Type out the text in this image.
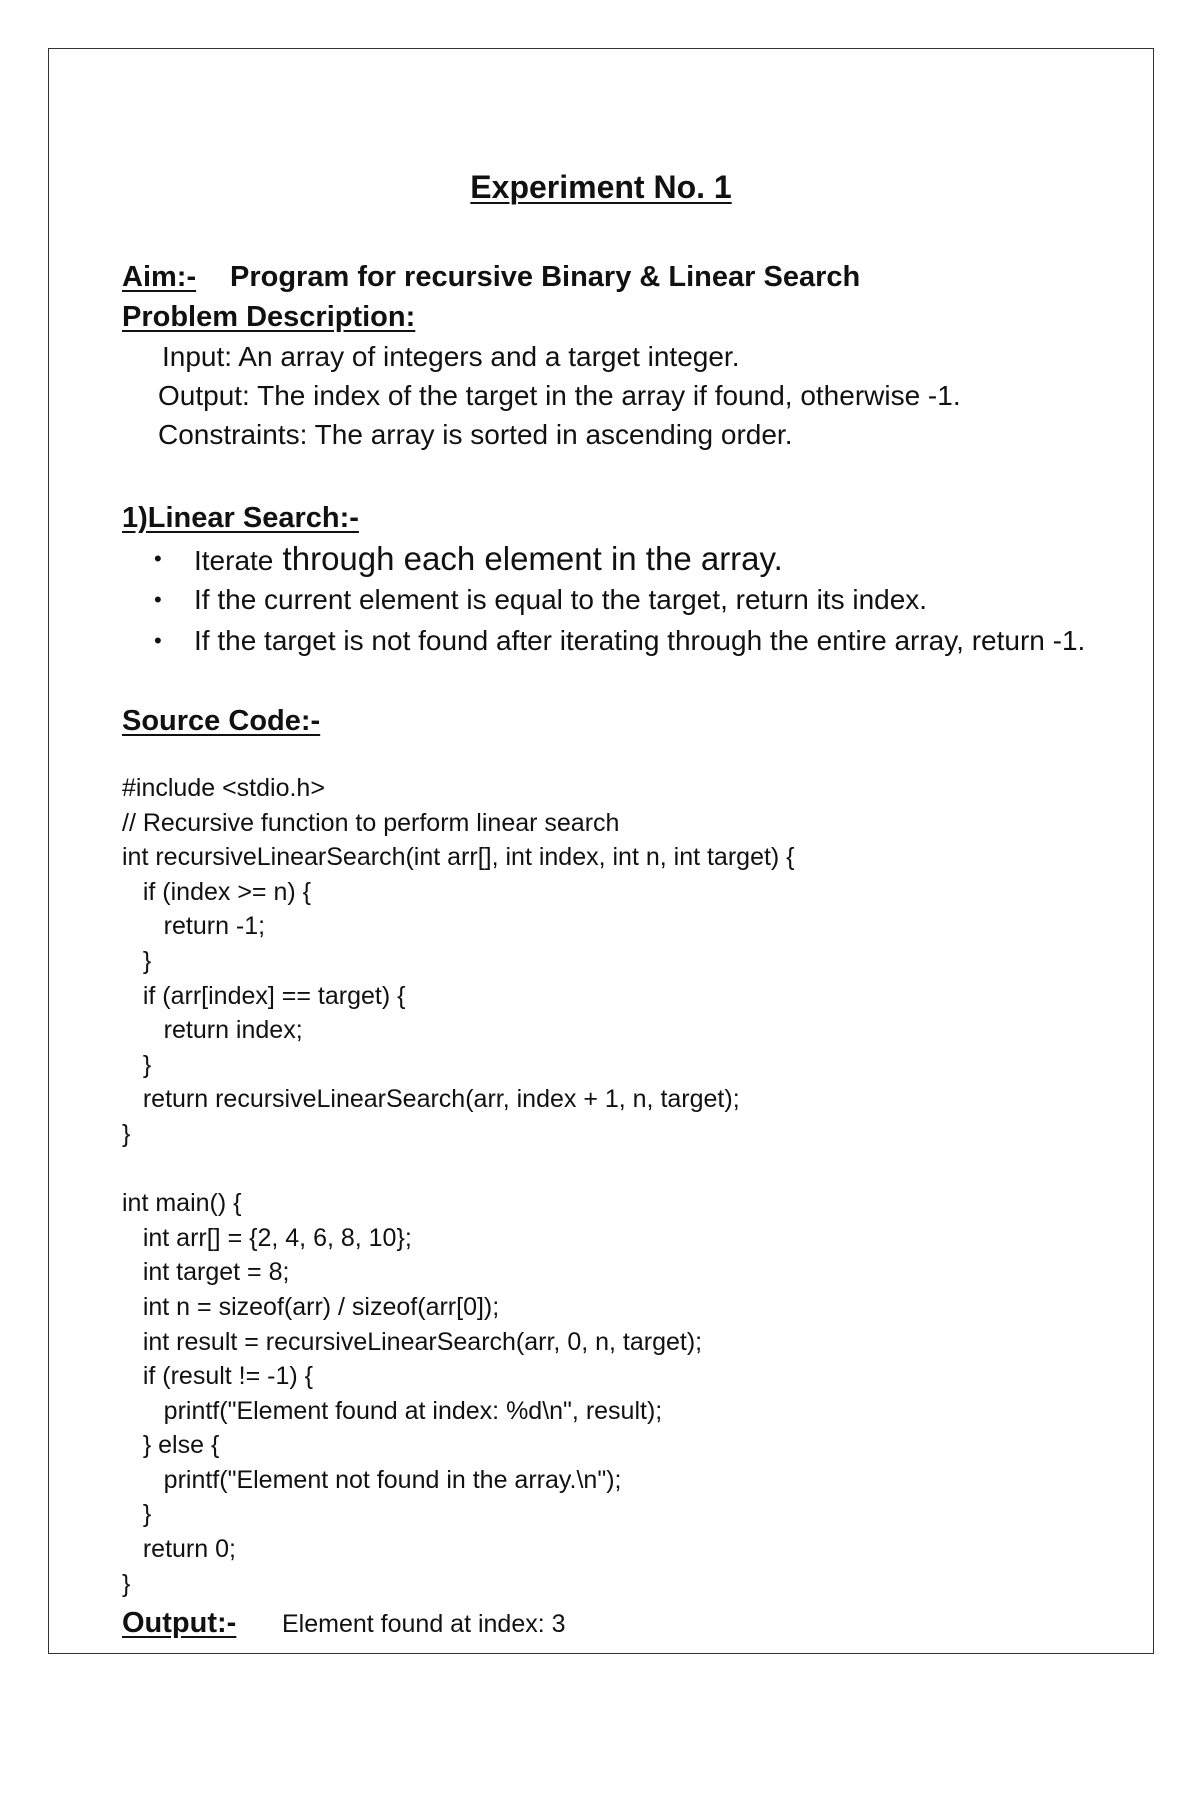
Experiment No. 1
Aim:- Program for recursive Binary & Linear Search
Problem Description:
Input: An array of integers and a target integer.
Output: The index of the target in the array if found, otherwise -1.
Constraints: The array is sorted in ascending order.
1)Linear Search:-
• Iterate through each element in the array.
• If the current element is equal to the target, return its index.
• If the target is not found after iterating through the entire array, return -1.
Source Code:-
#include <stdio.h>
// Recursive function to perform linear search
int recursiveLinearSearch(int arr[], int index, int n, int target) {
if (index >= n) {
return -1;
}
if (arr[index] == target) {
return index;
}
return recursiveLinearSearch(arr, index + 1, n, target);
}
int main() {
int arr[] = {2, 4, 6, 8, 10};
int target = 8;
int n = sizeof(arr) / sizeof(arr[0]);
int result = recursiveLinearSearch(arr, 0, n, target);
if (result != -1) {
printf("Element found at index: %d\n", result);
} else {
printf("Element not found in the array.\n");
}
return 0;
}
Output:- Element found at index: 3
